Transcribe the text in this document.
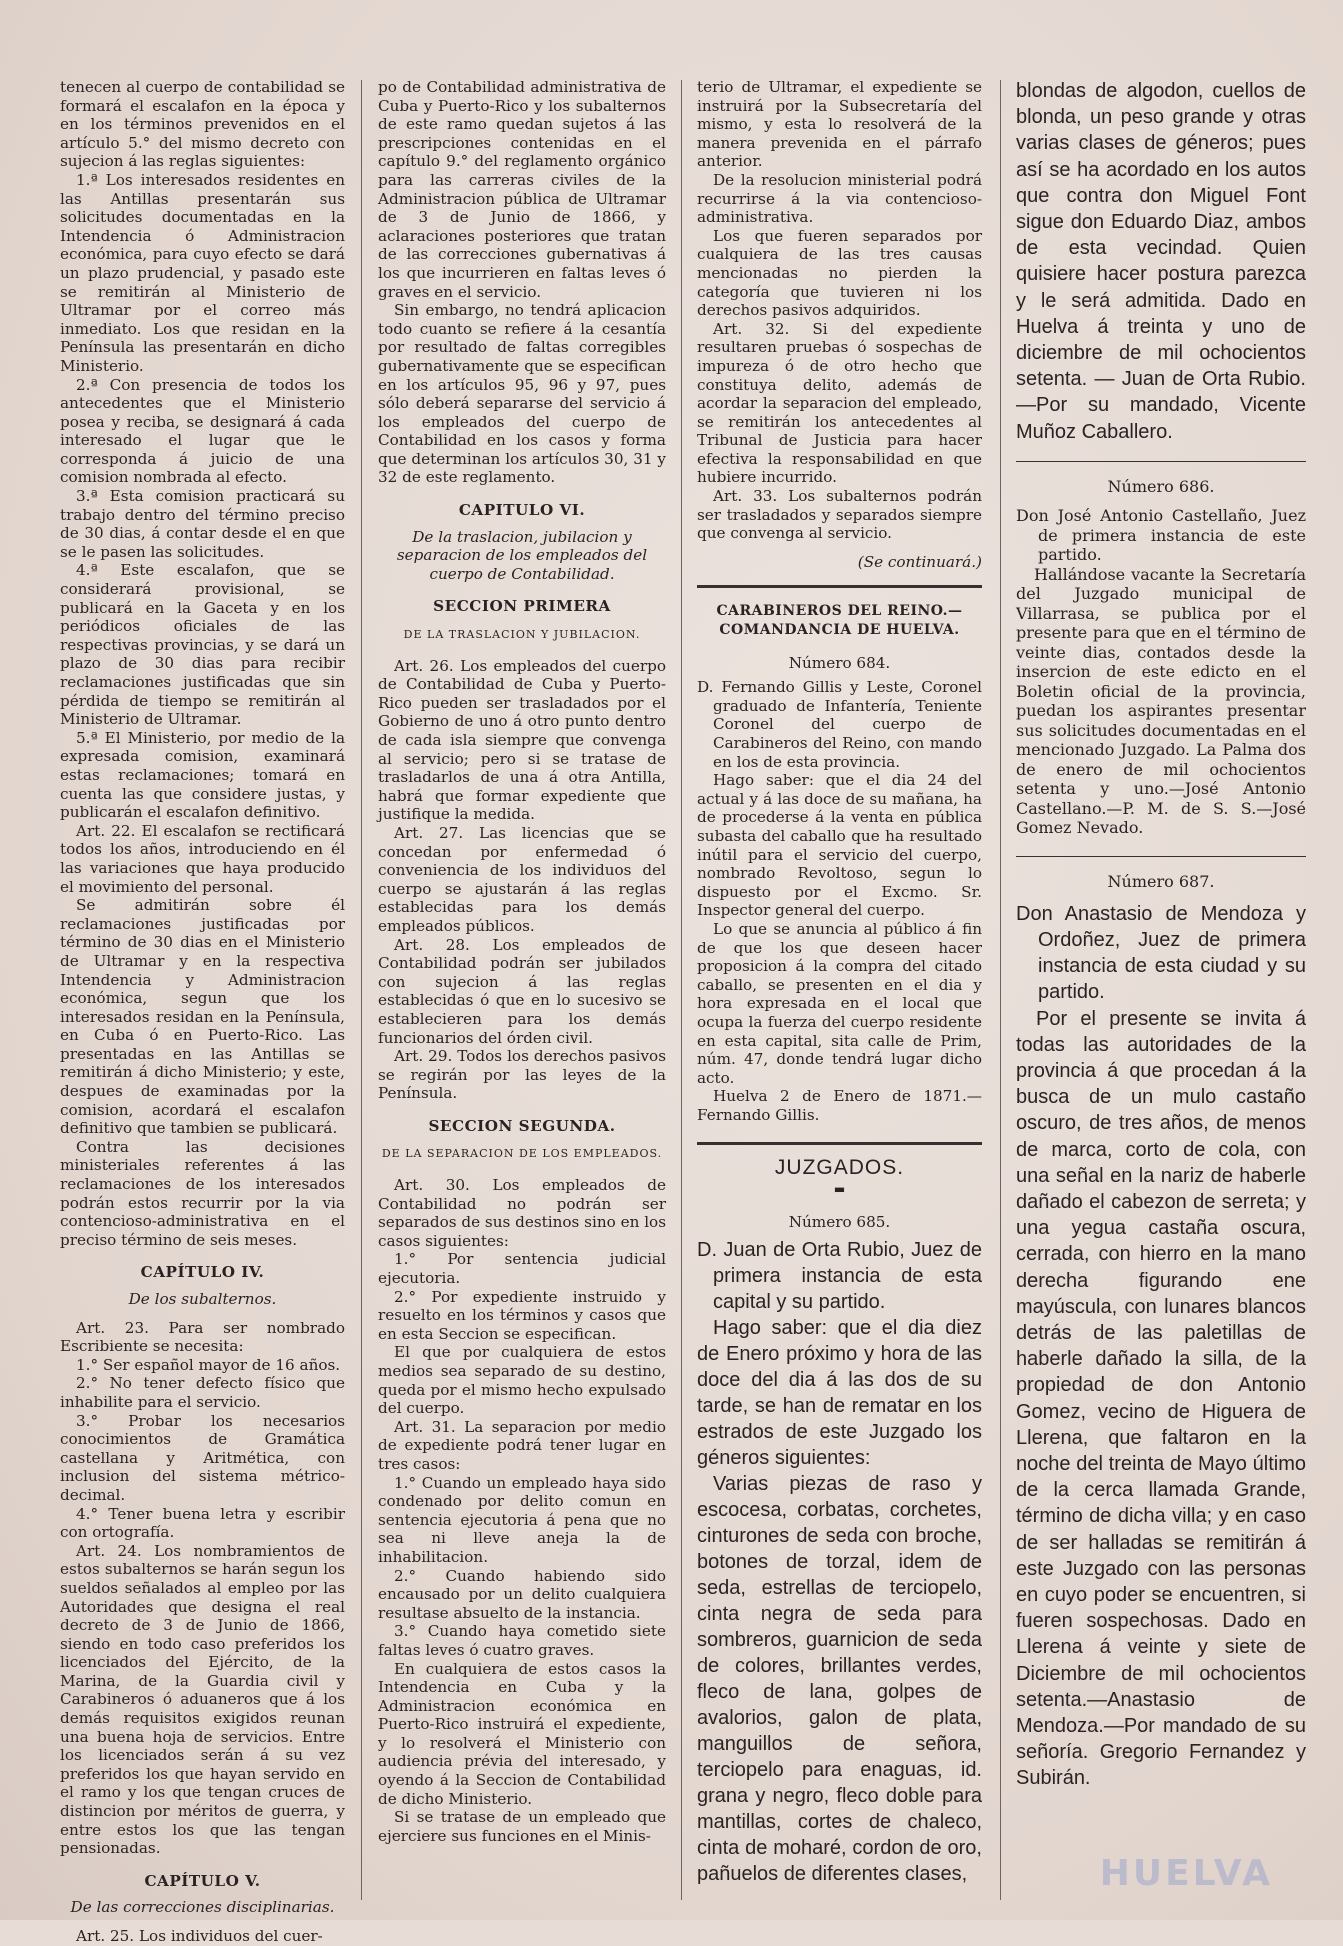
tenecen al cuerpo de contabilidad se formará el escalafon en la época y en los términos prevenidos en el artículo 5.° del mismo decreto con sujecion á las reglas siguientes:

1.ª Los interesados residentes en las Antillas presentarán sus solicitudes documentadas en la Intendencia ó Administracion económica, para cuyo efecto se dará un plazo prudencial, y pasado este se remitirán al Ministerio de Ultramar por el correo más inmediato. Los que residan en la Península las presentarán en dicho Ministerio.

2.ª Con presencia de todos los antecedentes que el Ministerio posea y reciba, se designará á cada interesado el lugar que le corresponda á juicio de una comision nombrada al efecto.

3.ª Esta comision practicará su trabajo dentro del término preciso de 30 dias, á contar desde el en que se le pasen las solicitudes.

4.ª Este escalafon, que se considerará provisional, se publicará en la Gaceta y en los periódicos oficiales de las respectivas provincias, y se dará un plazo de 30 dias para recibir reclamaciones justificadas que sin pérdida de tiempo se remitirán al Ministerio de Ultramar.

5.ª El Ministerio, por medio de la expresada comision, examinará estas reclamaciones; tomará en cuenta las que considere justas, y publicarán el escalafon definitivo.

Art. 22. El escalafon se rectificará todos los años, introduciendo en él las variaciones que haya producido el movimiento del personal.

Se admitirán sobre él reclamaciones justificadas por término de 30 dias en el Ministerio de Ultramar y en la respectiva Intendencia y Administracion económica, segun que los interesados residan en la Península, en Cuba ó en Puerto-Rico. Las presentadas en las Antillas se remitirán á dicho Ministerio; y este, despues de examinadas por la comision, acordará el escalafon definitivo que tambien se publicará.

Contra las decisiones ministeriales referentes á las reclamaciones de los interesados podrán estos recurrir por la via contencioso-administrativa en el preciso término de seis meses.

CAPÍTULO IV.

De los subalternos.

Art. 23. Para ser nombrado Escribiente se necesita:

1.° Ser español mayor de 16 años.

2.° No tener defecto físico que inhabilite para el servicio.

3.° Probar los necesarios conocimientos de Gramática castellana y Aritmética, con inclusion del sistema métrico-decimal.

4.° Tener buena letra y escribir con ortografía.

Art. 24. Los nombramientos de estos subalternos se harán segun los sueldos señalados al empleo por las Autoridades que designa el real decreto de 3 de Junio de 1866, siendo en todo caso preferidos los licenciados del Ejército, de la Marina, de la Guardia civil y Carabineros ó aduaneros que á los demás requisitos exigidos reunan una buena hoja de servicios. Entre los licenciados serán á su vez preferidos los que hayan servido en el ramo y los que tengan cruces de distincion por méritos de guerra, y entre estos los que las tengan pensionadas.

CAPÍTULO V.

De las correcciones disciplinarias.

Art. 25. Los individuos del cuer-

po de Contabilidad administrativa de Cuba y Puerto-Rico y los subalternos de este ramo quedan sujetos á las prescripciones contenidas en el capítulo 9.° del reglamento orgánico para las carreras civiles de la Administracion pública de Ultramar de 3 de Junio de 1866, y aclaraciones posteriores que tratan de las correcciones gubernativas á los que incurrieren en faltas leves ó graves en el servicio.

Sin embargo, no tendrá aplicacion todo cuanto se refiere á la cesantía por resultado de faltas corregibles gubernativamente que se especifican en los artículos 95, 96 y 97, pues sólo deberá separarse del servicio á los empleados del cuerpo de Contabilidad en los casos y forma que determinan los artículos 30, 31 y 32 de este reglamento.

CAPITULO VI.

De la traslacion, jubilacion y separacion de los empleados del cuerpo de Contabilidad.

SECCION PRIMERA

DE LA TRASLACION Y JUBILACION.

Art. 26. Los empleados del cuerpo de Contabilidad de Cuba y Puerto-Rico pueden ser trasladados por el Gobierno de uno á otro punto dentro de cada isla siempre que convenga al servicio; pero si se tratase de trasladarlos de una á otra Antilla, habrá que formar expediente que justifique la medida.

Art. 27. Las licencias que se concedan por enfermedad ó conveniencia de los individuos del cuerpo se ajustarán á las reglas establecidas para los demás empleados públicos.

Art. 28. Los empleados de Contabilidad podrán ser jubilados con sujecion á las reglas establecidas ó que en lo sucesivo se establecieren para los demás funcionarios del órden civil.

Art. 29. Todos los derechos pasivos se regirán por las leyes de la Península.

SECCION SEGUNDA.

DE LA SEPARACION DE LOS EMPLEADOS.

Art. 30. Los empleados de Contabilidad no podrán ser separados de sus destinos sino en los casos siguientes:

1.° Por sentencia judicial ejecutoria.

2.° Por expediente instruido y resuelto en los términos y casos que en esta Seccion se especifican.

El que por cualquiera de estos medios sea separado de su destino, queda por el mismo hecho expulsado del cuerpo.

Art. 31. La separacion por medio de expediente podrá tener lugar en tres casos:

1.° Cuando un empleado haya sido condenado por delito comun en sentencia ejecutoria á pena que no sea ni lleve aneja la de inhabilitacion.

2.° Cuando habiendo sido encausado por un delito cualquiera resultase absuelto de la instancia.

3.° Cuando haya cometido siete faltas leves ó cuatro graves.

En cualquiera de estos casos la Intendencia en Cuba y la Administracion económica en Puerto-Rico instruirá el expediente, y lo resolverá el Ministerio con audiencia prévia del interesado, y oyendo á la Seccion de Contabilidad de dicho Ministerio.

Si se tratase de un empleado que ejerciere sus funciones en el Minis-

terio de Ultramar, el expediente se instruirá por la Subsecretaría del mismo, y esta lo resolverá de la manera prevenida en el párrafo anterior.

De la resolucion ministerial podrá recurrirse á la via contencioso-administrativa.

Los que fueren separados por cualquiera de las tres causas mencionadas no pierden la categoría que tuvieren ni los derechos pasivos adquiridos.

Art. 32. Si del expediente resultaren pruebas ó sospechas de impureza ó de otro hecho que constituya delito, además de acordar la separacion del empleado, se remitirán los antecedentes al Tribunal de Justicia para hacer efectiva la responsabilidad en que hubiere incurrido.

Art. 33. Los subalternos podrán ser trasladados y separados siempre que convenga al servicio.

(Se continuará.)

CARABINEROS DEL REINO.—COMANDANCIA DE HUELVA.

Número 684.

D. Fernando Gillis y Leste, Coronel graduado de Infantería, Teniente Coronel del cuerpo de Carabineros del Reino, con mando en los de esta provincia.

Hago saber: que el dia 24 del actual y á las doce de su mañana, ha de procederse á la venta en pública subasta del caballo que ha resultado inútil para el servicio del cuerpo, nombrado Revoltoso, segun lo dispuesto por el Excmo. Sr. Inspector general del cuerpo.

Lo que se anuncia al público á fin de que los que deseen hacer proposicion á la compra del citado caballo, se presenten en el dia y hora expresada en el local que ocupa la fuerza del cuerpo residente en esta capital, sita calle de Prim, núm. 47, donde tendrá lugar dicho acto.

Huelva 2 de Enero de 1871.—Fernando Gillis.

JUZGADOS.

▬

Número 685.

D. Juan de Orta Rubio, Juez de primera instancia de esta capital y su partido.

Hago saber: que el dia diez de Enero próximo y hora de las doce del dia á las dos de su tarde, se han de rematar en los estrados de este Juzgado los géneros siguientes:

Varias piezas de raso y escocesa, corbatas, corchetes, cinturones de seda con broche, botones de torzal, idem de seda, estrellas de terciopelo, cinta negra de seda para sombreros, guarnicion de seda de colores, brillantes verdes, fleco de lana, golpes de avalorios, galon de plata, manguillos de señora, terciopelo para enaguas, id. grana y negro, fleco doble para mantillas, cortes de chaleco, cinta de moharé, cordon de oro, pañuelos de diferentes clases,

blondas de algodon, cuellos de blonda, un peso grande y otras varias clases de géneros; pues así se ha acordado en los autos que contra don Miguel Font sigue don Eduardo Diaz, ambos de esta vecindad. Quien quisiere hacer postura parezca y le será admitida. Dado en Huelva á treinta y uno de diciembre de mil ochocientos setenta. — Juan de Orta Rubio.—Por su mandado, Vicente Muñoz Caballero.

Número 686.

Don José Antonio Castellaño, Juez de primera instancia de este partido.

Hallándose vacante la Secretaría del Juzgado municipal de Villarrasa, se publica por el presente para que en el término de veinte dias, contados desde la insercion de este edicto en el Boletin oficial de la provincia, puedan los aspirantes presentar sus solicitudes documentadas en el mencionado Juzgado. La Palma dos de enero de mil ochocientos setenta y uno.—José Antonio Castellano.—P. M. de S. S.—José Gomez Nevado.

Número 687.

Don Anastasio de Mendoza y Ordoñez, Juez de primera instancia de esta ciudad y su partido.

Por el presente se invita á todas las autoridades de la provincia á que procedan á la busca de un mulo castaño oscuro, de tres años, de menos de marca, corto de cola, con una señal en la nariz de haberle dañado el cabezon de serreta; y una yegua castaña oscura, cerrada, con hierro en la mano derecha figurando ene mayúscula, con lunares blancos detrás de las paletillas de haberle dañado la silla, de la propiedad de don Antonio Gomez, vecino de Higuera de Llerena, que faltaron en la noche del treinta de Mayo último de la cerca llamada Grande, término de dicha villa; y en caso de ser halladas se remitirán á este Juzgado con las personas en cuyo poder se encuentren, si fueren sospechosas. Dado en Llerena á veinte y siete de Diciembre de mil ochocientos setenta.—Anastasio de Mendoza.—Por mandado de su señoría. Gregorio Fernandez y Subirán.

HUELVA
